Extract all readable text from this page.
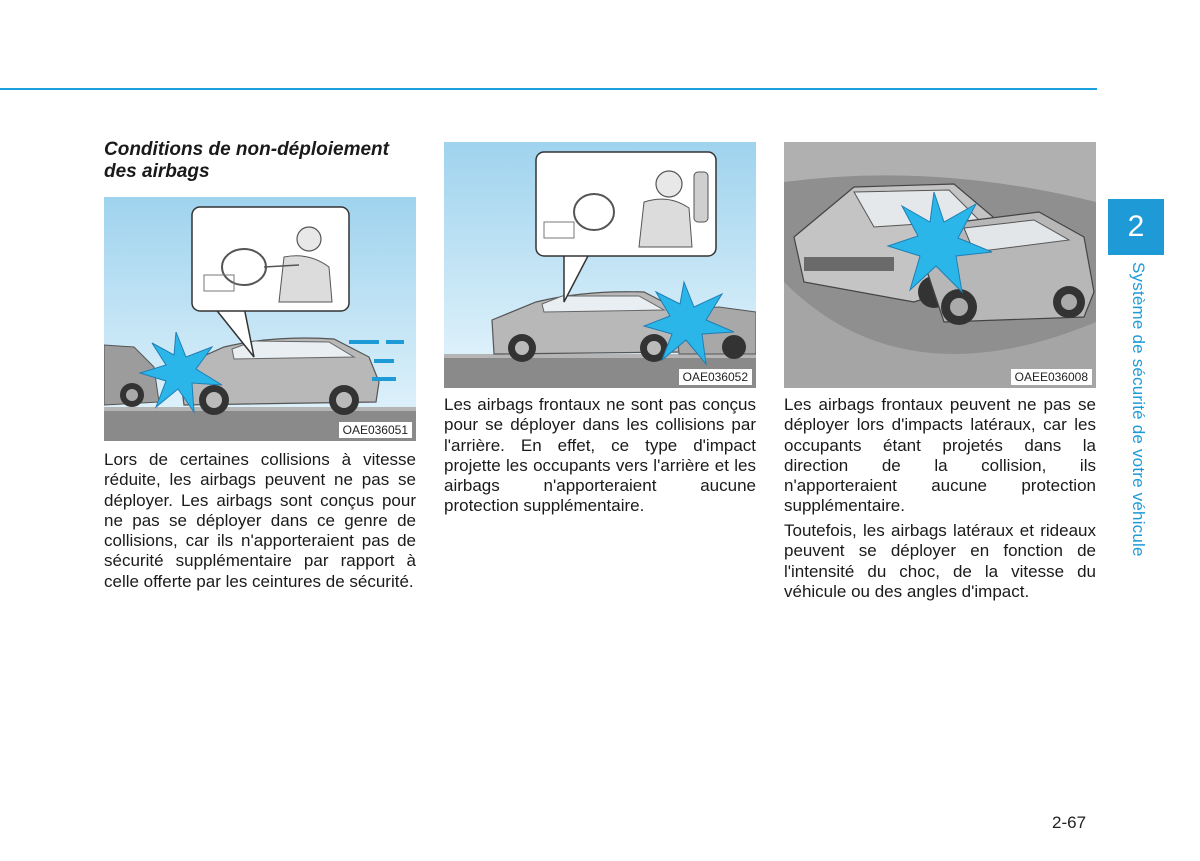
2
Système de sécurité de votre véhicule
Conditions de non-déploiement des airbags
OAE036051
OAE036052	OAEE036008

Lors de certaines collisions à vitesse réduite, les airbags peuvent ne pas se déployer. Les airbags sont conçus pour ne pas se déployer dans ce genre de collisions, car ils n'apporteraient pas de sécurité supplémentaire par rapport à celle offerte par les ceintures de sécurité.

Les airbags frontaux ne sont pas conçus pour se déployer dans les collisions par l'arrière. En effet, ce type d'impact projette les occupants vers l'arrière et les airbags n'apporteraient aucune protection supplémentaire.

Les airbags frontaux peuvent ne pas se déployer lors d'impacts latéraux, car les occupants étant projetés dans la direction de la collision, ils n'apporteraient aucune protection supplémentaire.

Toutefois, les airbags latéraux et rideaux peuvent se déployer en fonction de l'intensité du choc, de la vitesse du véhicule ou des angles d'impact.

2-67
